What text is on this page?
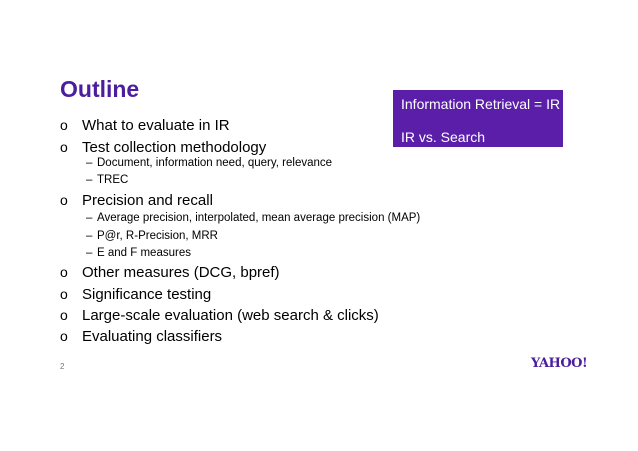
Outline
Information Retrieval = IR
IR vs. Search
o What to evaluate in IR
o Test collection methodology
– Document, information need, query, relevance
– TREC
o Precision and recall
– Average precision, interpolated, mean average precision (MAP)
– P@r, R-Precision, MRR
– E and F measures
o Other measures (DCG, bpref)
o Significance testing
o Large-scale evaluation (web search & clicks)
o Evaluating classifiers
2	YAHOO!
